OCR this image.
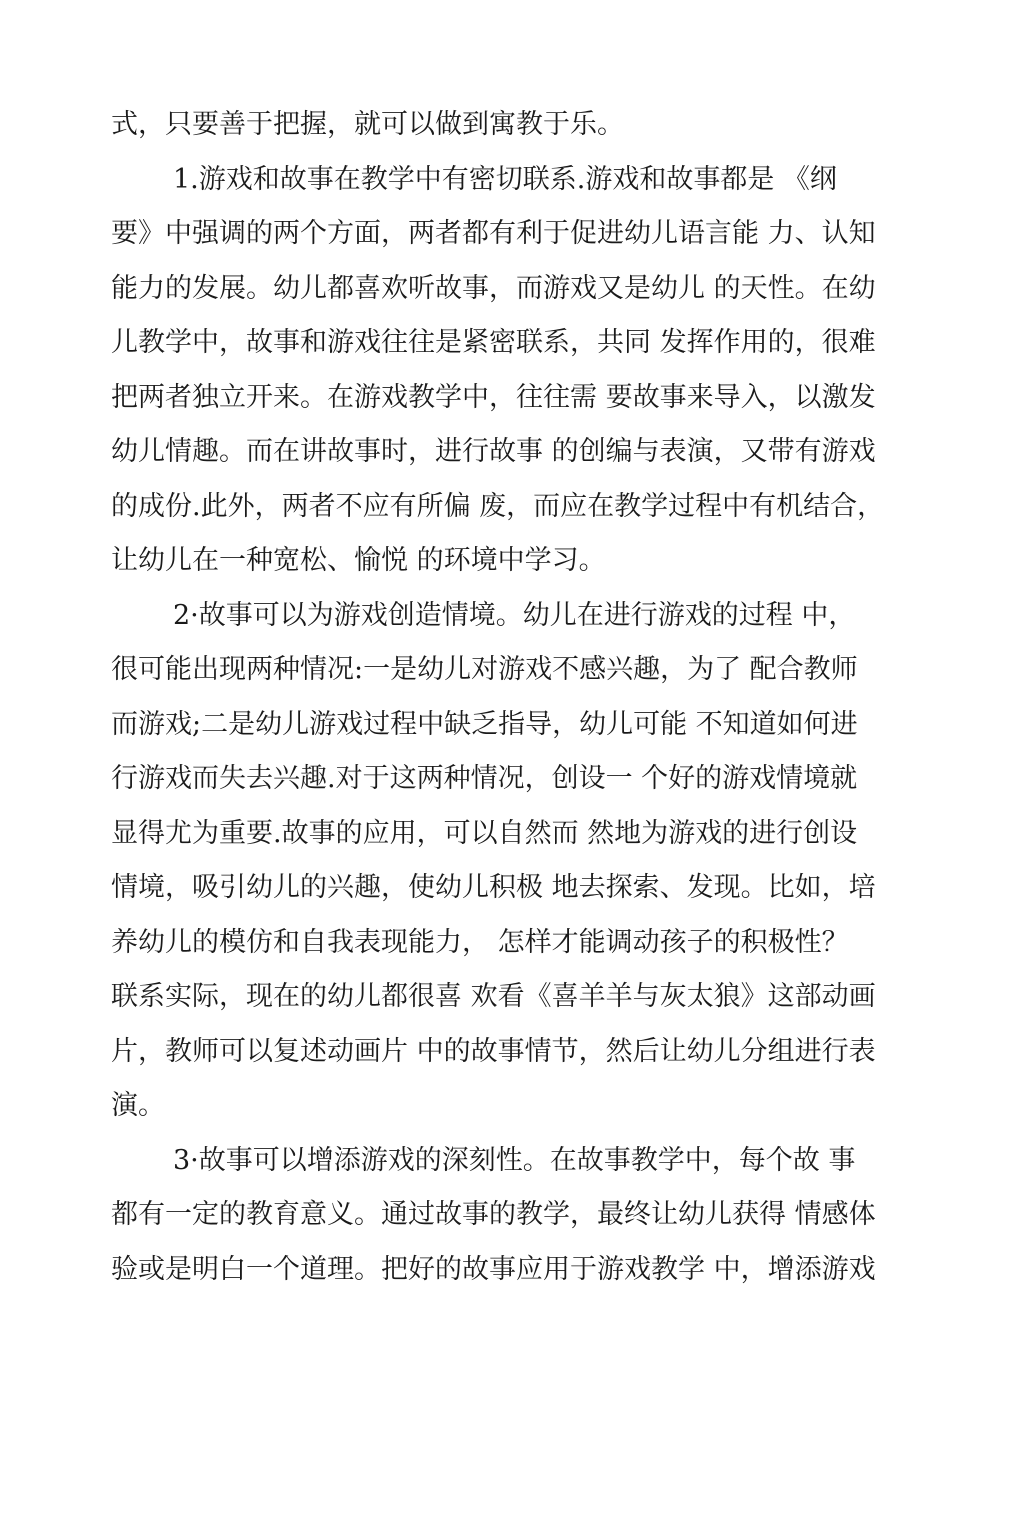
式，只要善于把握，就可以做到寓教于乐。
1.游戏和故事在教学中有密切联系.游戏和故事都是 《纲
要》中强调的两个方面，两者都有利于促进幼儿语言能 力、认知
能力的发展。幼儿都喜欢听故事，而游戏又是幼儿 的天性。在幼
儿教学中，故事和游戏往往是紧密联系，共同 发挥作用的，很难
把两者独立开来。在游戏教学中，往往需 要故事来导入，以激发
幼儿情趣。而在讲故事时，进行故事 的创编与表演，又带有游戏
的成份.此外，两者不应有所偏 废，而应在教学过程中有机结合，
让幼儿在一种宽松、愉悦 的环境中学习。
2·故事可以为游戏创造情境。幼儿在进行游戏的过程 中，
很可能出现两种情况:一是幼儿对游戏不感兴趣，为了 配合教师
而游戏;二是幼儿游戏过程中缺乏指导，幼儿可能 不知道如何进
行游戏而失去兴趣.对于这两种情况，创设一 个好的游戏情境就
显得尤为重要.故事的应用，可以自然而 然地为游戏的进行创设
情境，吸引幼儿的兴趣，使幼儿积极 地去探索、发现。比如，培
养幼儿的模仿和自我表现能力， 怎样才能调动孩子的积极性？
联系实际，现在的幼儿都很喜 欢看《喜羊羊与灰太狼》这部动画
片，教师可以复述动画片 中的故事情节，然后让幼儿分组进行表
演。
3·故事可以增添游戏的深刻性。在故事教学中，每个故 事
都有一定的教育意义。通过故事的教学，最终让幼儿获得 情感体
验或是明白一个道理。把好的故事应用于游戏教学 中，增添游戏
